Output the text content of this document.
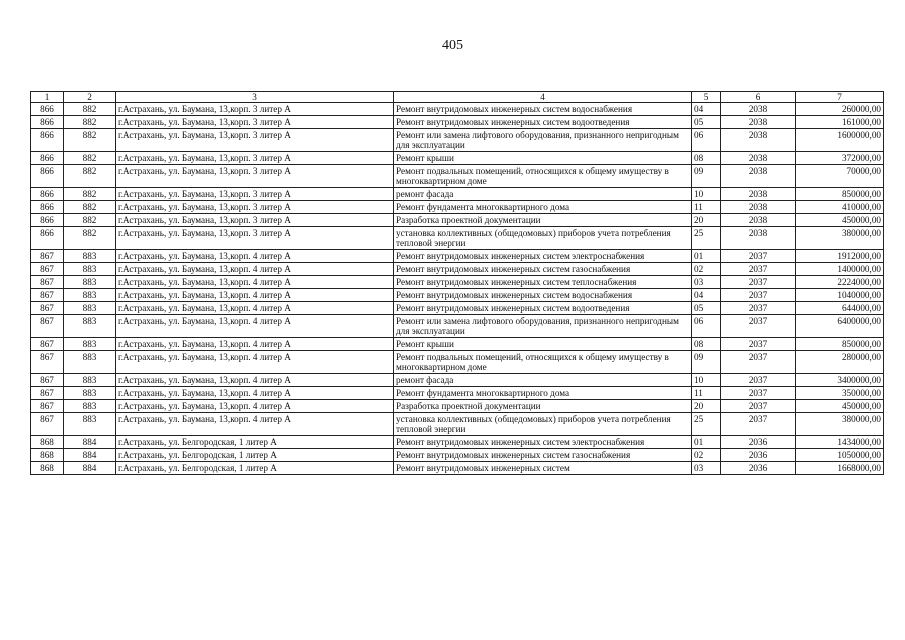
405
1	2	3	4	5	6	7
866	882	г.Астрахань, ул. Баумана, 13,корп. 3 литер А	Ремонт внутридомовых инженерных систем водоснабжения	04	2038	260000,00
866	882	г.Астрахань, ул. Баумана, 13,корп. 3 литер А	Ремонт внутридомовых инженерных систем водоотведения	05	2038	161000,00
866	882	г.Астрахань, ул. Баумана, 13,корп. 3 литер А	Ремонт или замена лифтового оборудования, признанного непригодным для эксплуатации	06	2038	1600000,00
866	882	г.Астрахань, ул. Баумана, 13,корп. 3 литер А	Ремонт крыши	08	2038	372000,00
866	882	г.Астрахань, ул. Баумана, 13,корп. 3 литер А	Ремонт подвальных помещений, относящихся к общему имуществу в многоквартирном доме	09	2038	70000,00
866	882	г.Астрахань, ул. Баумана, 13,корп. 3 литер А	ремонт фасада	10	2038	850000,00
866	882	г.Астрахань, ул. Баумана, 13,корп. 3 литер А	Ремонт фундамента многоквартирного дома	11	2038	410000,00
866	882	г.Астрахань, ул. Баумана, 13,корп. 3 литер А	Разработка проектной документации	20	2038	450000,00
866	882	г.Астрахань, ул. Баумана, 13,корп. 3 литер А	установка коллективных (общедомовых) приборов учета потребления тепловой энергии	25	2038	380000,00
867	883	г.Астрахань, ул. Баумана, 13,корп. 4 литер А	Ремонт внутридомовых инженерных систем электроснабжения	01	2037	1912000,00
867	883	г.Астрахань, ул. Баумана, 13,корп. 4 литер А	Ремонт внутридомовых инженерных систем газоснабжения	02	2037	1400000,00
867	883	г.Астрахань, ул. Баумана, 13,корп. 4 литер А	Ремонт внутридомовых инженерных систем теплоснабжения	03	2037	2224000,00
867	883	г.Астрахань, ул. Баумана, 13,корп. 4 литер А	Ремонт внутридомовых инженерных систем водоснабжения	04	2037	1040000,00
867	883	г.Астрахань, ул. Баумана, 13,корп. 4 литер А	Ремонт внутридомовых инженерных систем водоотведения	05	2037	644000,00
867	883	г.Астрахань, ул. Баумана, 13,корп. 4 литер А	Ремонт или замена лифтового оборудования, признанного непригодным для эксплуатации	06	2037	6400000,00
867	883	г.Астрахань, ул. Баумана, 13,корп. 4 литер А	Ремонт крыши	08	2037	850000,00
867	883	г.Астрахань, ул. Баумана, 13,корп. 4 литер А	Ремонт подвальных помещений, относящихся к общему имуществу в многоквартирном доме	09	2037	280000,00
867	883	г.Астрахань, ул. Баумана, 13,корп. 4 литер А	ремонт фасада	10	2037	3400000,00
867	883	г.Астрахань, ул. Баумана, 13,корп. 4 литер А	Ремонт фундамента многоквартирного дома	11	2037	350000,00
867	883	г.Астрахань, ул. Баумана, 13,корп. 4 литер А	Разработка проектной документации	20	2037	450000,00
867	883	г.Астрахань, ул. Баумана, 13,корп. 4 литер А	установка коллективных (общедомовых) приборов учета потребления тепловой энергии	25	2037	380000,00
868	884	г.Астрахань, ул. Белгородская, 1 литер А	Ремонт внутридомовых инженерных систем электроснабжения	01	2036	1434000,00
868	884	г.Астрахань, ул. Белгородская, 1 литер А	Ремонт внутридомовых инженерных систем газоснабжения	02	2036	1050000,00
868	884	г.Астрахань, ул. Белгородская, 1 литер А	Ремонт внутридомовых инженерных систем	03	2036	1668000,00
